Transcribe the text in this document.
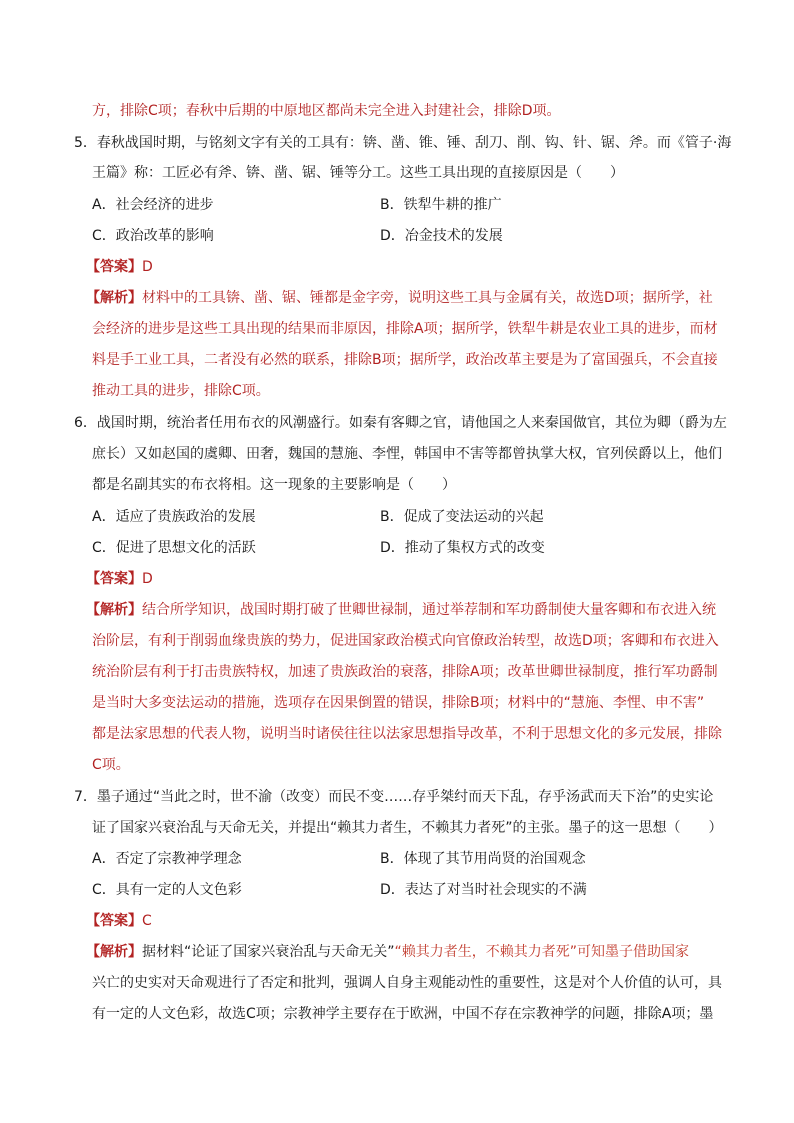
方，排除C项；春秋中后期的中原地区都尚未完全进入封建社会，排除D项。
5．春秋战国时期，与铭刻文字有关的工具有：锛、凿、锥、锤、刮刀、削、钩、针、锯、斧。而《管子·海
王篇》称：工匠必有斧、锛、凿、锯、锤等分工。这些工具出现的直接原因是（　　）
A．社会经济的进步	B．铁犁牛耕的推广
C．政治改革的影响	D．冶金技术的发展
【答案】D
【解析】材料中的工具锛、凿、锯、锤都是金字旁，说明这些工具与金属有关，故选D项；据所学，社
会经济的进步是这些工具出现的结果而非原因，排除A项；据所学，铁犁牛耕是农业工具的进步，而材
料是手工业工具，二者没有必然的联系，排除B项；据所学，政治改革主要是为了富国强兵，不会直接
推动工具的进步，排除C项。
6．战国时期，统治者任用布衣的风潮盛行。如秦有客卿之官，请他国之人来秦国做官，其位为卿（爵为左
庶长）又如赵国的虞卿、田奢，魏国的慧施、李悝，韩国申不害等都曾执掌大权，官列侯爵以上，他们
都是名副其实的布衣将相。这一现象的主要影响是（　　）
A．适应了贵族政治的发展	B．促成了变法运动的兴起
C．促进了思想文化的活跃	D．推动了集权方式的改变
【答案】D
【解析】结合所学知识，战国时期打破了世卿世禄制，通过举荐制和军功爵制使大量客卿和布衣进入统
治阶层，有利于削弱血缘贵族的势力，促进国家政治模式向官僚政治转型，故选D项；客卿和布衣进入
统治阶层有利于打击贵族特权，加速了贵族政治的衰落，排除A项；改革世卿世禄制度，推行军功爵制
是当时大多变法运动的措施，选项存在因果倒置的错误，排除B项；材料中的“慧施、李悝、申不害”
都是法家思想的代表人物，说明当时诸侯往往以法家思想指导改革，不利于思想文化的多元发展，排除
C项。
7．墨子通过“当此之时，世不渝（改变）而民不变……存乎桀纣而天下乱，存乎汤武而天下治”的史实论
证了国家兴衰治乱与天命无关，并提出“赖其力者生，不赖其力者死”的主张。墨子的这一思想（　　）
A．否定了宗教神学理念	B．体现了其节用尚贤的治国观念
C．具有一定的人文色彩	D．表达了对当时社会现实的不满
【答案】C
【解析】据材料“论证了国家兴衰治乱与天命无关”“赖其力者生，不赖其力者死”可知墨子借助国家
兴亡的史实对天命观进行了否定和批判，强调人自身主观能动性的重要性，这是对个人价值的认可，具
有一定的人文色彩，故选C项；宗教神学主要存在于欧洲，中国不存在宗教神学的问题，排除A项；墨
